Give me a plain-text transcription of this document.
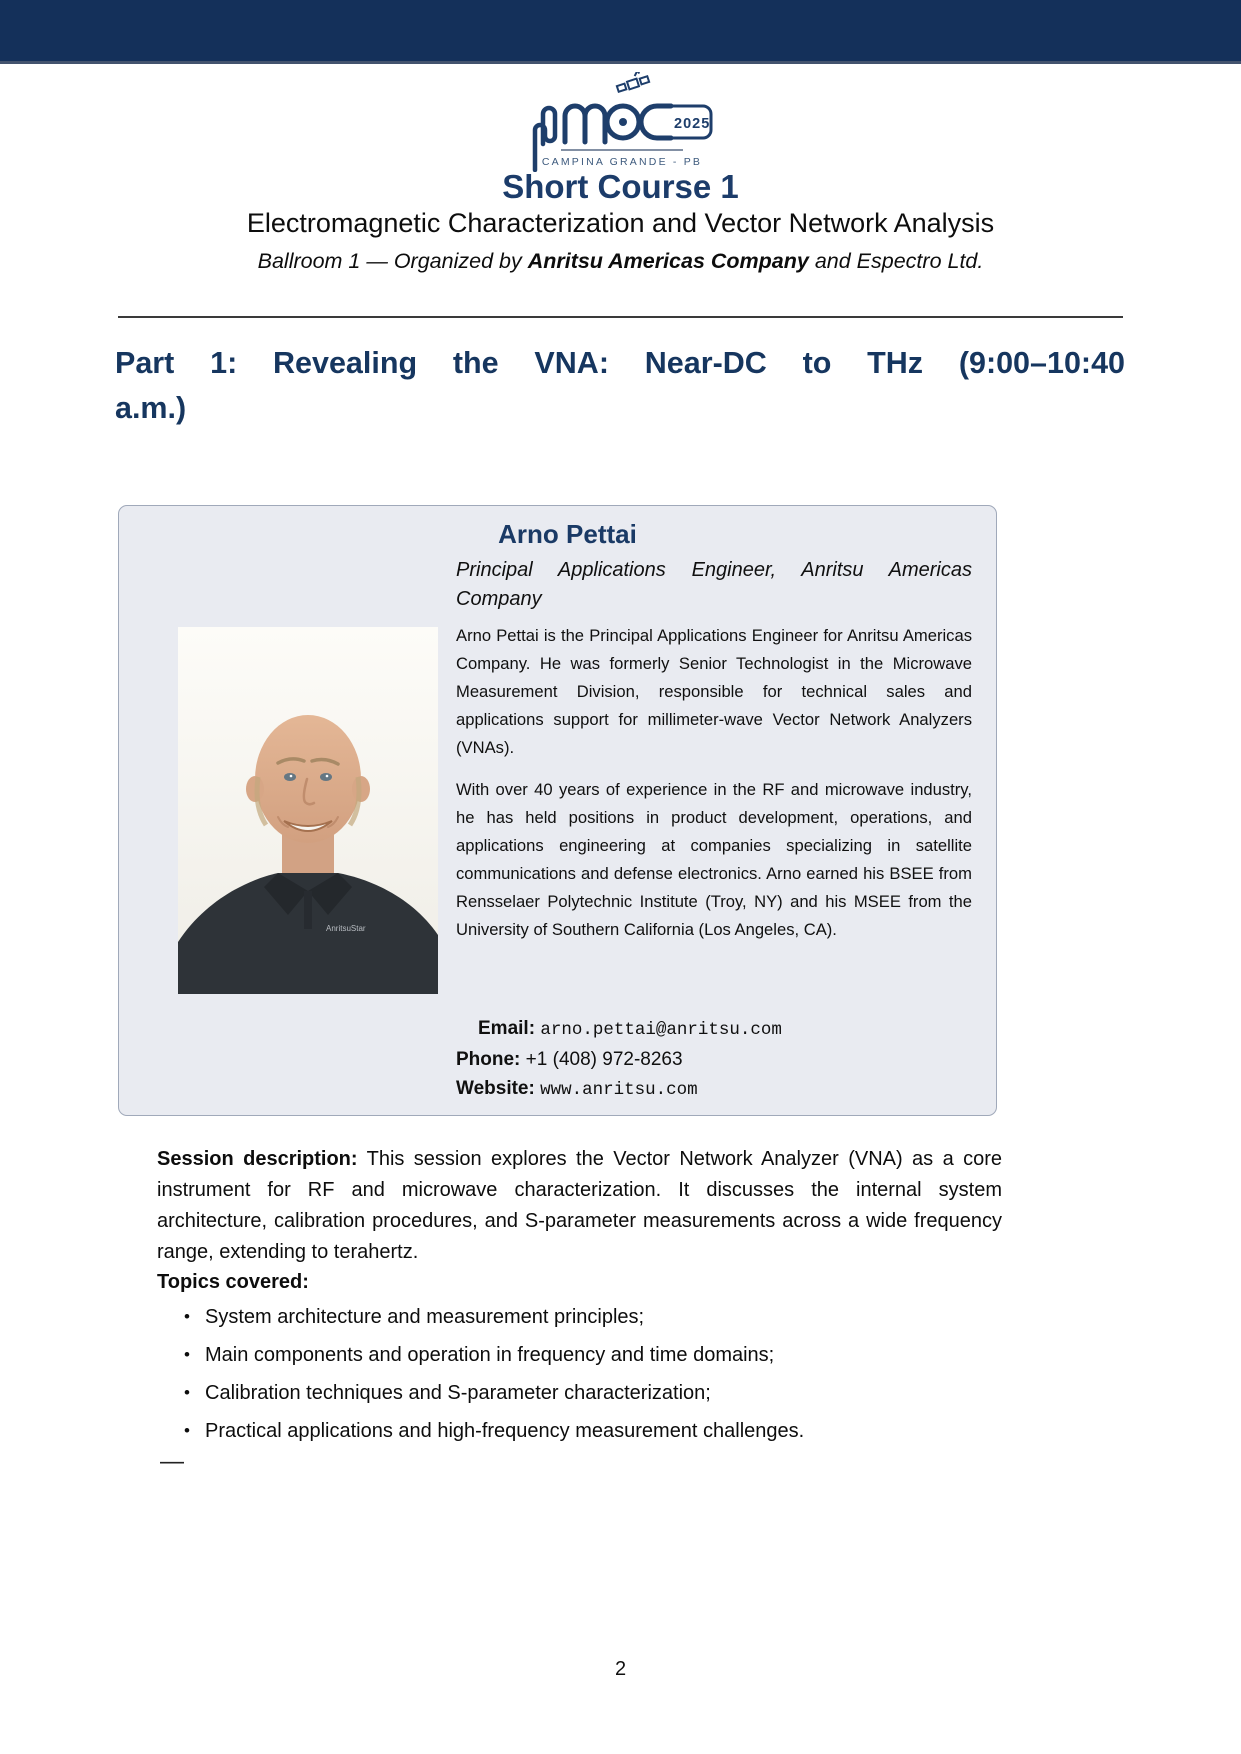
2025
CAMPINA GRANDE - PB
Short Course 1
Electromagnetic Characterization and Vector Network Analysis
Ballroom 1 — Organized by Anritsu Americas Company and Espectro Ltd.
Part 1: Revealing the VNA: Near-DC to THz (9:00–10:40
a.m.)
Arno Pettai
Principal Applications Engineer, Anritsu Americas Company
AnritsuStar

Arno Pettai is the Principal Applications Engineer for Anritsu Americas Company. He was formerly Senior Technologist in the Microwave Measurement Division, responsible for technical sales and applications support for millimeter-wave Vector Network Analyzers (VNAs).

With over 40 years of experience in the RF and microwave industry, he has held positions in product development, operations, and applications engineering at companies specializing in satellite communications and defense electronics. Arno earned his BSEE from Rensselaer Polytechnic Institute (Troy, NY) and his MSEE from the University of Southern California (Los Angeles, CA).

Email: arno.pettai@anritsu.com
Phone: +1 (408) 972-8263
Website: www.anritsu.com

Session description: This session explores the Vector Network Analyzer (VNA) as a core instrument for RF and microwave characterization. It discusses the internal system architecture, calibration procedures, and S-parameter measurements across a wide frequency range, extending to terahertz.

Topics covered:
• System architecture and measurement principles;
• Main components and operation in frequency and time domains;
• Calibration techniques and S-parameter characterization;
• Practical applications and high-frequency measurement challenges.
—
2
